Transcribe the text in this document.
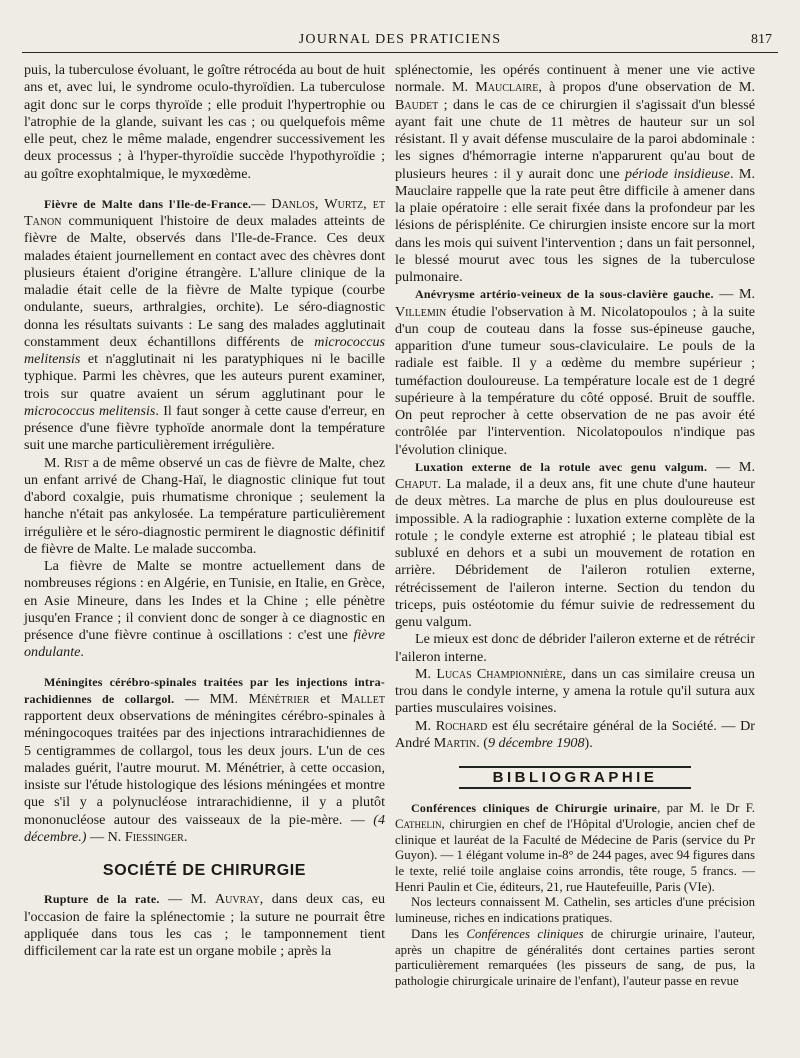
JOURNAL DES PRATICIENS	817

puis, la tuberculose évoluant, le goître rétrocéda au bout de huit ans et, avec lui, le syndrome oculo-thyroïdien. La tuberculose agit donc sur le corps thyroïde ; elle produit l'hypertrophie ou l'atrophie de la glande, suivant les cas ; ou quelquefois même elle peut, chez le même malade, engendrer successivement les deux processus ; à l'hyper-thyroïdie succède l'hypothyroïdie ; au goître exophtalmique, le myxœdème.

Fièvre de Malte dans l'Ile-de-France.— Danlos, Wurtz, et Tanon communiquent l'histoire de deux malades atteints de fièvre de Malte, observés dans l'Ile-de-France. Ces deux malades étaient journellement en contact avec des chèvres dont plusieurs étaient d'origine étrangère. L'allure clinique de la maladie était celle de la fièvre de Malte typique (courbe ondulante, sueurs, arthralgies, orchite). Le séro-diagnostic donna les résultats suivants : Le sang des malades agglutinait constamment deux échantillons différents de micrococcus melitensis et n'agglutinait ni les paratyphiques ni le bacille typhique. Parmi les chèvres, que les auteurs purent examiner, trois sur quatre avaient un sérum agglutinant pour le micrococcus melitensis. Il faut songer à cette cause d'erreur, en présence d'une fièvre typhoïde anormale dont la température suit une marche particulièrement irrégulière.

M. Rist a de même observé un cas de fièvre de Malte, chez un enfant arrivé de Chang-Haï, le diagnostic clinique fut tout d'abord coxalgie, puis rhumatisme chronique ; seulement la hanche n'était pas ankylosée. La température particulièrement irrégulière et le séro-diagnostic permirent le diagnostic définitif de fièvre de Malte. Le malade succomba.

La fièvre de Malte se montre actuellement dans de nombreuses régions : en Algérie, en Tunisie, en Italie, en Grèce, en Asie Mineure, dans les Indes et la Chine ; elle pénètre jusqu'en France ; il convient donc de songer à ce diagnostic en présence d'une fièvre continue à oscillations : c'est une fièvre ondulante.

Méningites cérébro-spinales traitées par les injections intra-rachidiennes de collargol. — MM. Ménétrier et Mallet rapportent deux observations de méningites cérébro-spinales à méningocoques traitées par des injections intrarachidiennes de 5 centigrammes de collargol, tous les deux jours. L'un de ces malades guérit, l'autre mourut. M. Ménétrier, à cette occasion, insiste sur l'étude histologique des lésions méningées et montre que s'il y a polynucléose intrarachidienne, il y a plutôt mononucléose autour des vaisseaux de la pie-mère. — (4 décembre.) — N. Fiessinger.

SOCIÉTÉ DE CHIRURGIE

Rupture de la rate. — M. Auvray, dans deux cas, eu l'occasion de faire la splénectomie ; la suture ne pourrait être appliquée dans tous les cas ; le tamponnement tient difficilement car la rate est un organe mobile ; après la

splénectomie, les opérés continuent à mener une vie active normale. M. Mauclaire, à propos d'une observation de M. Baudet ; dans le cas de ce chirurgien il s'agissait d'un blessé ayant fait une chute de 11 mètres de hauteur sur un sol résistant. Il y avait défense musculaire de la paroi abdominale : les signes d'hémorragie interne n'apparurent qu'au bout de plusieurs heures : il y aurait donc une période insidieuse. M. Mauclaire rappelle que la rate peut être difficile à amener dans la plaie opératoire : elle serait fixée dans la profondeur par les lésions de périsplénite. Ce chirurgien insiste encore sur la mort dans les mois qui suivent l'intervention ; dans un fait personnel, le blessé mourut avec tous les signes de la tuberculose pulmonaire.

Anévrysme artério-veineux de la sous-clavière gauche. — M. Villemin étudie l'observation à M. Nicolatopoulos ; à la suite d'un coup de couteau dans la fosse sus-épineuse gauche, apparition d'une tumeur sous-claviculaire. Le pouls de la radiale est faible. Il y a œdème du membre supérieur ; tuméfaction douloureuse. La température locale est de 1 degré supérieure à la température du côté opposé. Bruit de souffle. On peut reprocher à cette observation de ne pas avoir été contrôlée par l'intervention. Nicolatopoulos n'indique pas l'évolution clinique.

Luxation externe de la rotule avec genu valgum. — M. Chaput. La malade, il a deux ans, fit une chute d'une hauteur de deux mètres. La marche de plus en plus douloureuse est impossible. A la radiographie : luxation externe complète de la rotule ; le condyle externe est atrophié ; le plateau tibial est subluxé en dehors et a subi un mouvement de rotation en arrière. Débridement de l'aileron rotulien externe, rétrécissement de l'aileron interne. Section du tendon du triceps, puis ostéotomie du fémur suivie de redressement du genu valgum.

Le mieux est donc de débrider l'aileron externe et de rétrécir l'aileron interne.

M. Lucas Championnière, dans un cas similaire creusa un trou dans le condyle interne, y amena la rotule qu'il sutura aux parties musculaires voisines.

M. Rochard est élu secrétaire général de la Société. — Dr André Martin. (9 décembre 1908).

BIBLIOGRAPHIE

Conférences cliniques de Chirurgie urinaire, par M. le Dr F. Cathelin, chirurgien en chef de l'Hôpital d'Urologie, ancien chef de clinique et lauréat de la Faculté de Médecine de Paris (service du Pr Guyon). — 1 élégant volume in-8° de 244 pages, avec 94 figures dans le texte, relié toile anglaise coins arrondis, tête rouge, 5 francs. — Henri Paulin et Cie, éditeurs, 21, rue Hautefeuille, Paris (VIe).

Nos lecteurs connaissent M. Cathelin, ses articles d'une précision lumineuse, riches en indications pratiques.

Dans les Conférences cliniques de chirurgie urinaire, l'auteur, après un chapitre de généralités dont certaines parties seront particulièrement remarquées (les pisseurs de sang, de pus, la pathologie chirurgicale urinaire de l'enfant), l'auteur passe en revue
